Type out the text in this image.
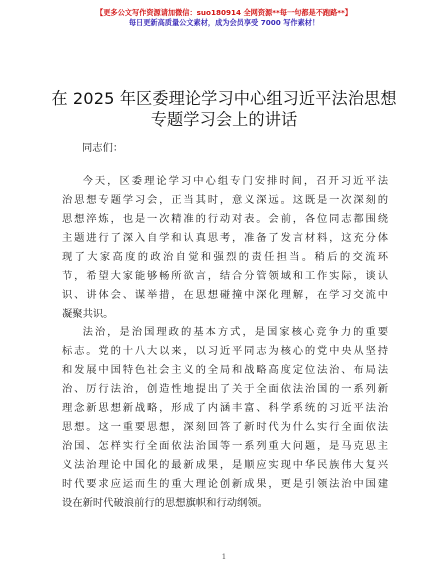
【更多公文写作资源请加微信：suo180914 全网资源**每一句都是不跑路**】
每日更新高质量公文素材，成为会员享受 7000 写作素材！
在 2025 年区委理论学习中心组习近平法治思想
专题学习会上的讲话
同志们：
今天，区委理论学习中心组专门安排时间，召开习近平法
治思想专题学习会，正当其时，意义深远。这既是一次深刻的
思想淬炼，也是一次精准的行动对表。会前，各位同志都围绕
主题进行了深入自学和认真思考，准备了发言材料，这充分体
现了大家高度的政治自觉和强烈的责任担当。稍后的交流环
节，希望大家能够畅所欲言，结合分管领域和工作实际，谈认
识、讲体会、谋举措，在思想碰撞中深化理解，在学习交流中
凝聚共识。
法治，是治国理政的基本方式，是国家核心竞争力的重要
标志。党的十八大以来，以习近平同志为核心的党中央从坚持
和发展中国特色社会主义的全局和战略高度定位法治、布局法
治、厉行法治，创造性地提出了关于全面依法治国的一系列新
理念新思想新战略，形成了内涵丰富、科学系统的习近平法治
思想。这一重要思想，深刻回答了新时代为什么实行全面依法
治国、怎样实行全面依法治国等一系列重大问题，是马克思主
义法治理论中国化的最新成果，是顺应实现中华民族伟大复兴
时代要求应运而生的重大理论创新成果，更是引领法治中国建
设在新时代破浪前行的思想旗帜和行动纲领。
1
